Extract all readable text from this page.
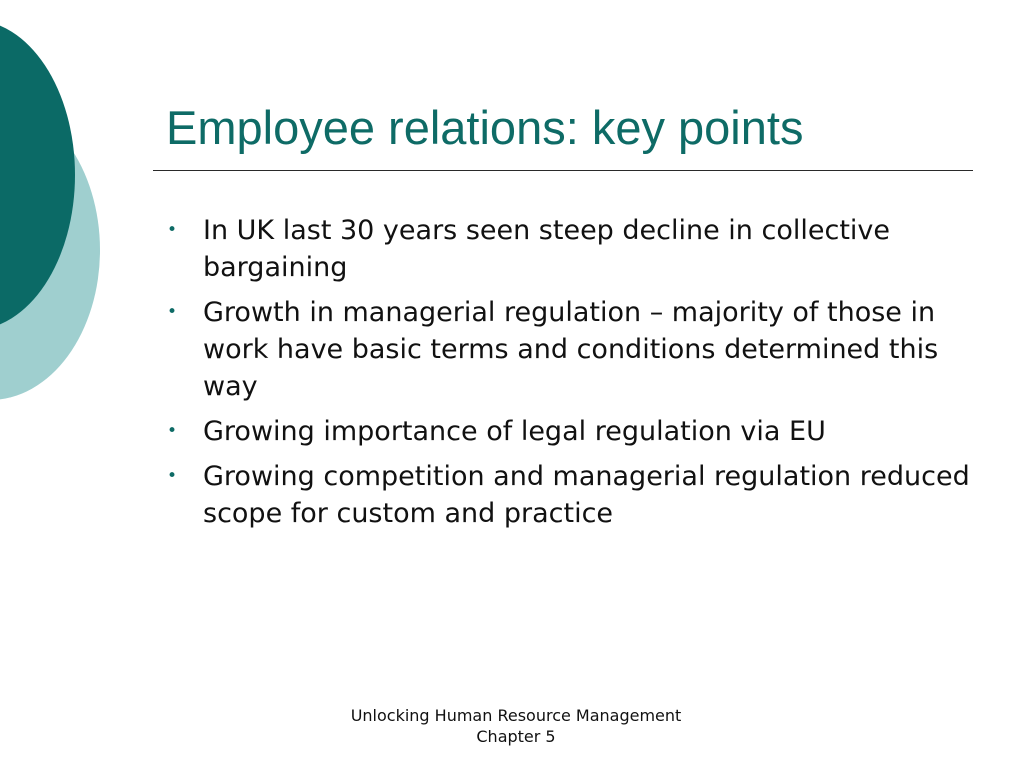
Employee relations: key points
• In UK last 30 years seen steep decline in collective bargaining
• Growth in managerial regulation – majority of those in work have basic terms and conditions determined this way
• Growing importance of legal regulation via EU
• Growing competition and managerial regulation reduced scope for custom and practice
Unlocking Human Resource Management
Chapter 5
